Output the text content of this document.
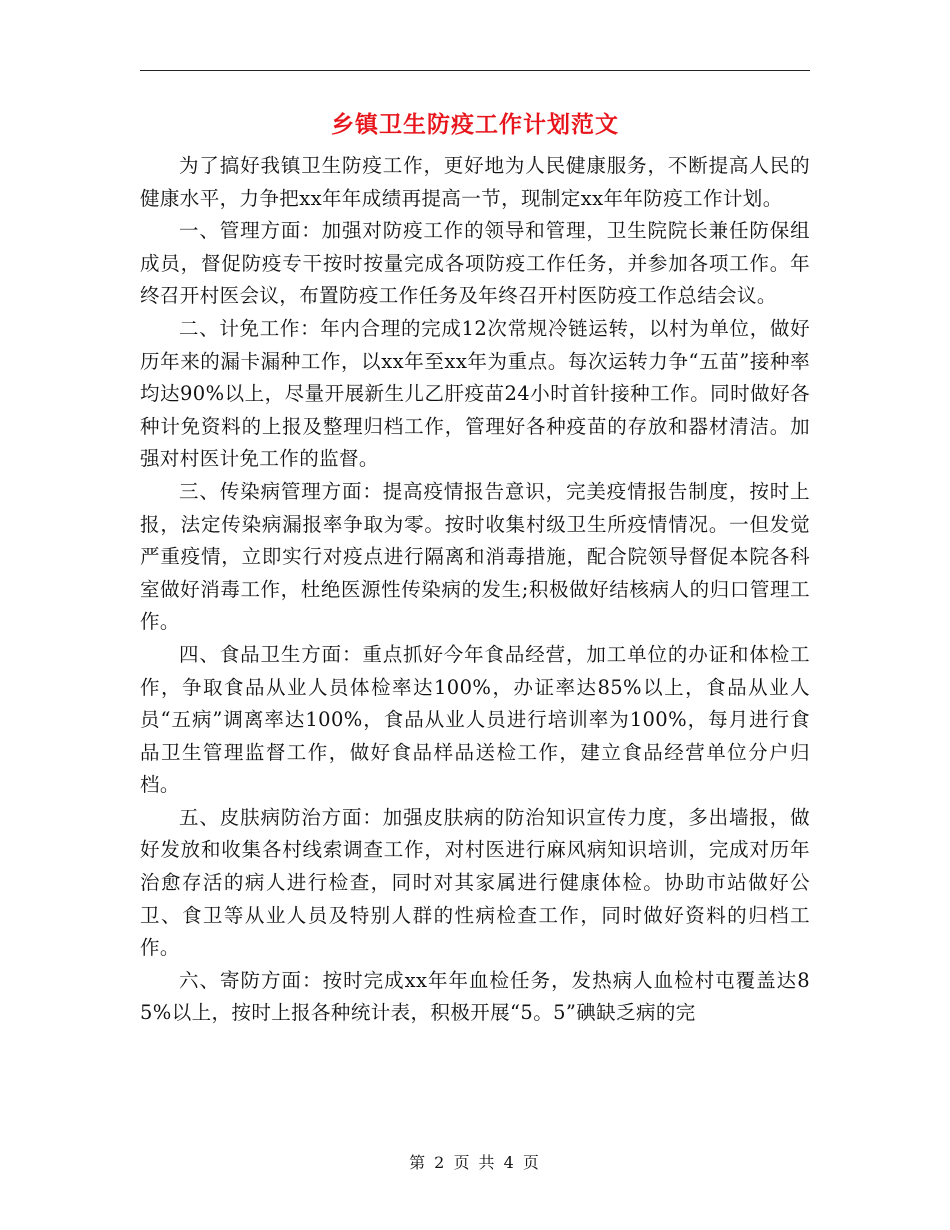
乡镇卫生防疫工作计划范文

为了搞好我镇卫生防疫工作，更好地为人民健康服务，不断提高人民的健康水平，力争把xx年年成绩再提高一节，现制定xx年年防疫工作计划。

一、管理方面：加强对防疫工作的领导和管理，卫生院院长兼任防保组成员，督促防疫专干按时按量完成各项防疫工作任务，并参加各项工作。年终召开村医会议，布置防疫工作任务及年终召开村医防疫工作总结会议。

二、计免工作：年内合理的完成12次常规冷链运转，以村为单位，做好历年来的漏卡漏种工作，以xx年至xx年为重点。每次运转力争“五苗”接种率均达90%以上，尽量开展新生儿乙肝疫苗24小时首针接种工作。同时做好各种计免资料的上报及整理归档工作，管理好各种疫苗的存放和器材清洁。加强对村医计免工作的监督。

三、传染病管理方面：提高疫情报告意识，完美疫情报告制度，按时上报，法定传染病漏报率争取为零。按时收集村级卫生所疫情情况。一但发觉严重疫情，立即实行对疫点进行隔离和消毒措施，配合院领导督促本院各科室做好消毒工作，杜绝医源性传染病的发生;积极做好结核病人的归口管理工作。

四、食品卫生方面：重点抓好今年食品经营，加工单位的办证和体检工作，争取食品从业人员体检率达100%，办证率达85%以上，食品从业人员“五病”调离率达100%，食品从业人员进行培训率为100%，每月进行食品卫生管理监督工作，做好食品样品送检工作，建立食品经营单位分户归档。

五、皮肤病防治方面：加强皮肤病的防治知识宣传力度，多出墙报，做好发放和收集各村线索调查工作，对村医进行麻风病知识培训，完成对历年治愈存活的病人进行检查，同时对其家属进行健康体检。协助市站做好公卫、食卫等从业人员及特别人群的性病检查工作，同时做好资料的归档工作。

六、寄防方面：按时完成xx年年血检任务，发热病人血检村屯覆盖达85%以上，按时上报各种统计表，积极开展“5。5”碘缺乏病的完

第 2 页 共 4 页
